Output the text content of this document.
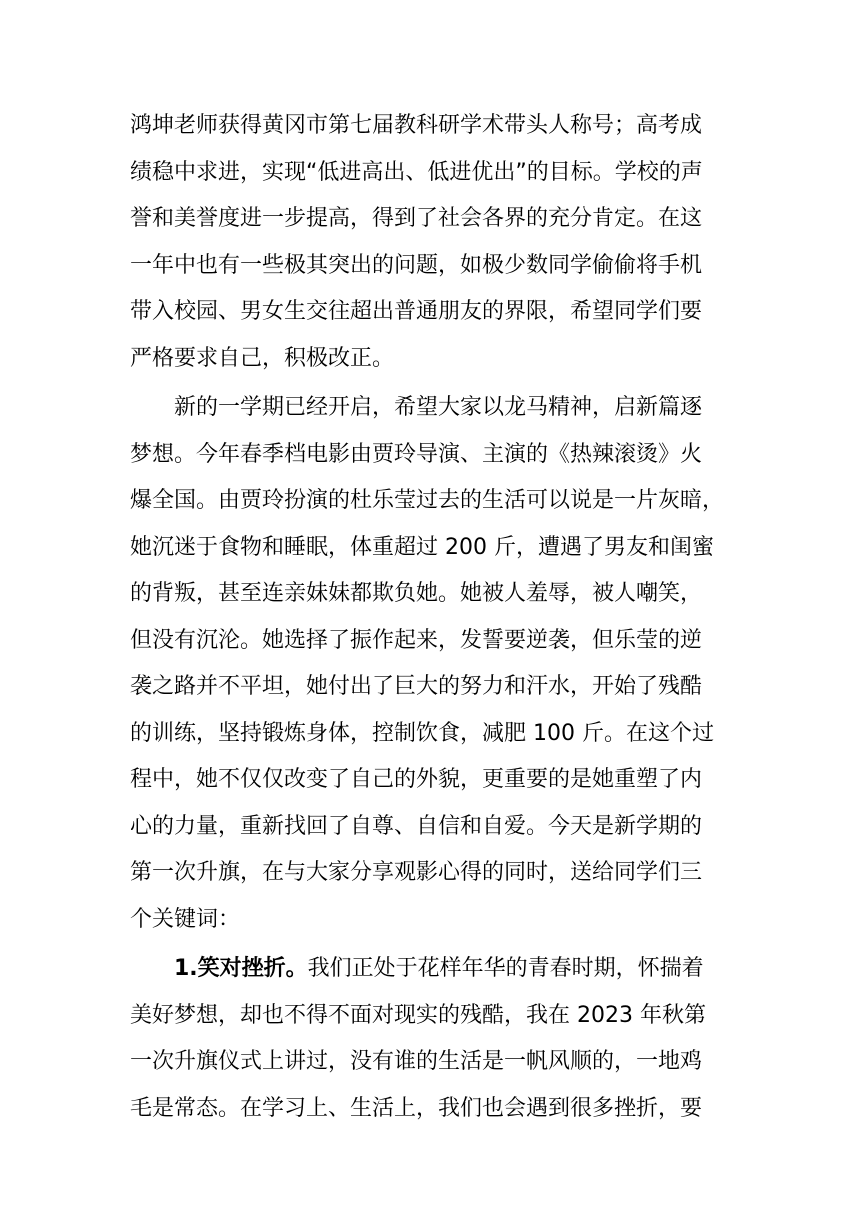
鸿坤老师获得黄冈市第七届教科研学术带头人称号；高考成
绩稳中求进，实现“低进高出、低进优出”的目标。学校的声
誉和美誉度进一步提高，得到了社会各界的充分肯定。在这
一年中也有一些极其突出的问题，如极少数同学偷偷将手机
带入校园、男女生交往超出普通朋友的界限，希望同学们要
严格要求自己，积极改正。
新的一学期已经开启，希望大家以龙马精神，启新篇逐
梦想。今年春季档电影由贾玲导演、主演的《热辣滚烫》火
爆全国。由贾玲扮演的杜乐莹过去的生活可以说是一片灰暗，
她沉迷于食物和睡眠，体重超过 200 斤，遭遇了男友和闺蜜
的背叛，甚至连亲妹妹都欺负她。她被人羞辱，被人嘲笑，
但没有沉沦。她选择了振作起来，发誓要逆袭，但乐莹的逆
袭之路并不平坦，她付出了巨大的努力和汗水，开始了残酷
的训练，坚持锻炼身体，控制饮食，减肥 100 斤。在这个过
程中，她不仅仅改变了自己的外貌，更重要的是她重塑了内
心的力量，重新找回了自尊、自信和自爱。今天是新学期的
第一次升旗，在与大家分享观影心得的同时，送给同学们三
个关键词：
1.笑对挫折。我们正处于花样年华的青春时期，怀揣着
美好梦想，却也不得不面对现实的残酷，我在 2023 年秋第
一次升旗仪式上讲过，没有谁的生活是一帆风顺的，一地鸡
毛是常态。在学习上、生活上，我们也会遇到很多挫折，要
